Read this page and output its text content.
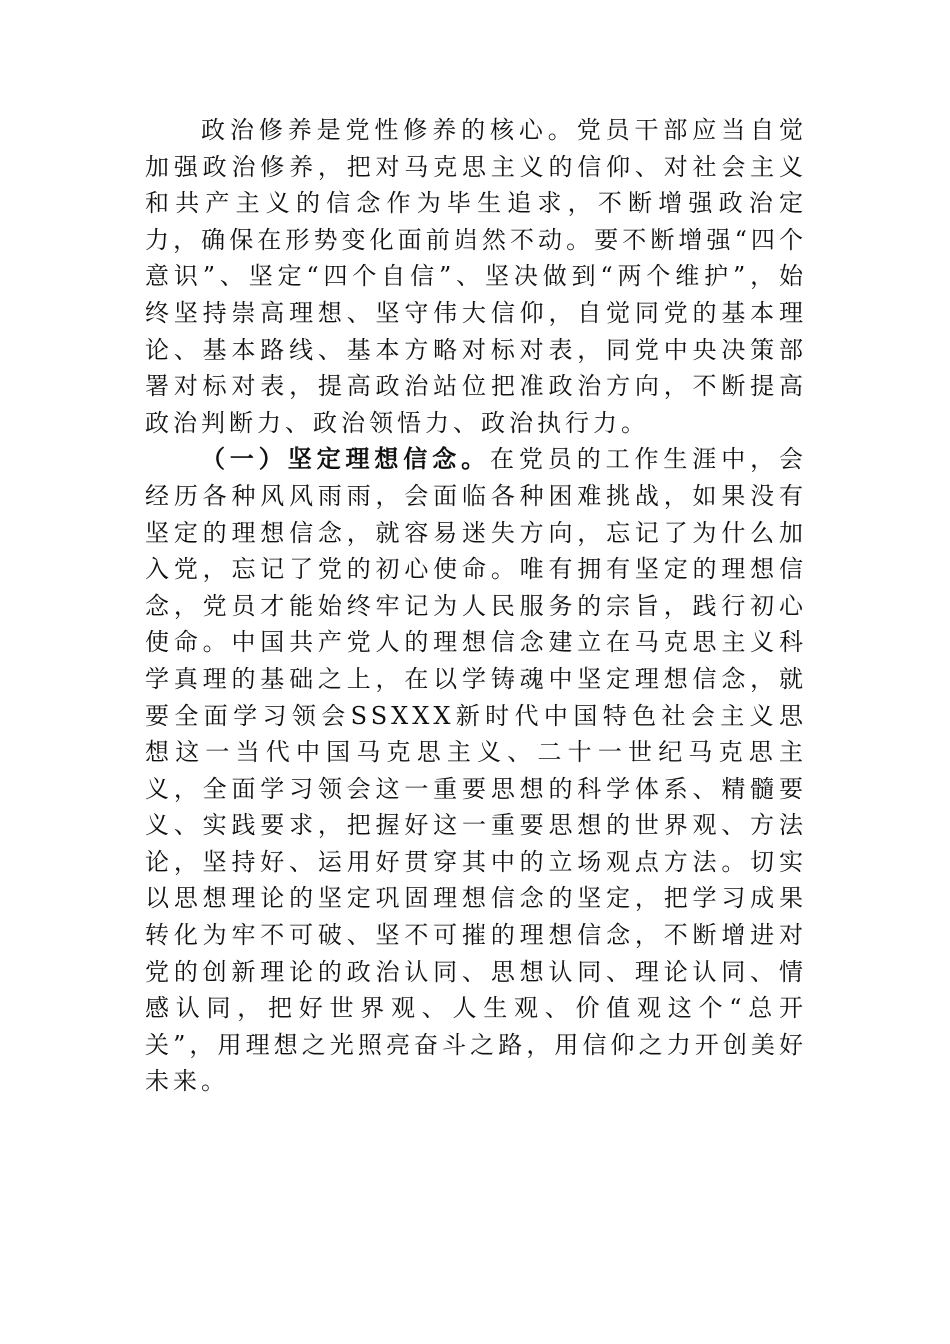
政治修养是党性修养的核心。党员干部应当自觉加强政治修养，把对马克思主义的信仰、对社会主义和共产主义的信念作为毕生追求，不断增强政治定力，确保在形势变化面前岿然不动。要不断增强“四个意识”、坚定“四个自信”、坚决做到“两个维护”，始终坚持崇高理想、坚守伟大信仰，自觉同党的基本理论、基本路线、基本方略对标对表，同党中央决策部署对标对表，提高政治站位把准政治方向，不断提高政治判断力、政治领悟力、政治执行力。

（一）坚定理想信念。在党员的工作生涯中，会经历各种风风雨雨，会面临各种困难挑战，如果没有坚定的理想信念，就容易迷失方向，忘记了为什么加入党，忘记了党的初心使命。唯有拥有坚定的理想信念，党员才能始终牢记为人民服务的宗旨，践行初心使命。中国共产党人的理想信念建立在马克思主义科学真理的基础之上，在以学铸魂中坚定理想信念，就要全面学习领会SSXXX新时代中国特色社会主义思想这一当代中国马克思主义、二十一世纪马克思主义，全面学习领会这一重要思想的科学体系、精髓要义、实践要求，把握好这一重要思想的世界观、方法论，坚持好、运用好贯穿其中的立场观点方法。切实以思想理论的坚定巩固理想信念的坚定，把学习成果转化为牢不可破、坚不可摧的理想信念，不断增进对党的创新理论的政治认同、思想认同、理论认同、情感认同，把好世界观、人生观、价值观这个“总开关”，用理想之光照亮奋斗之路，用信仰之力开创美好未来。
